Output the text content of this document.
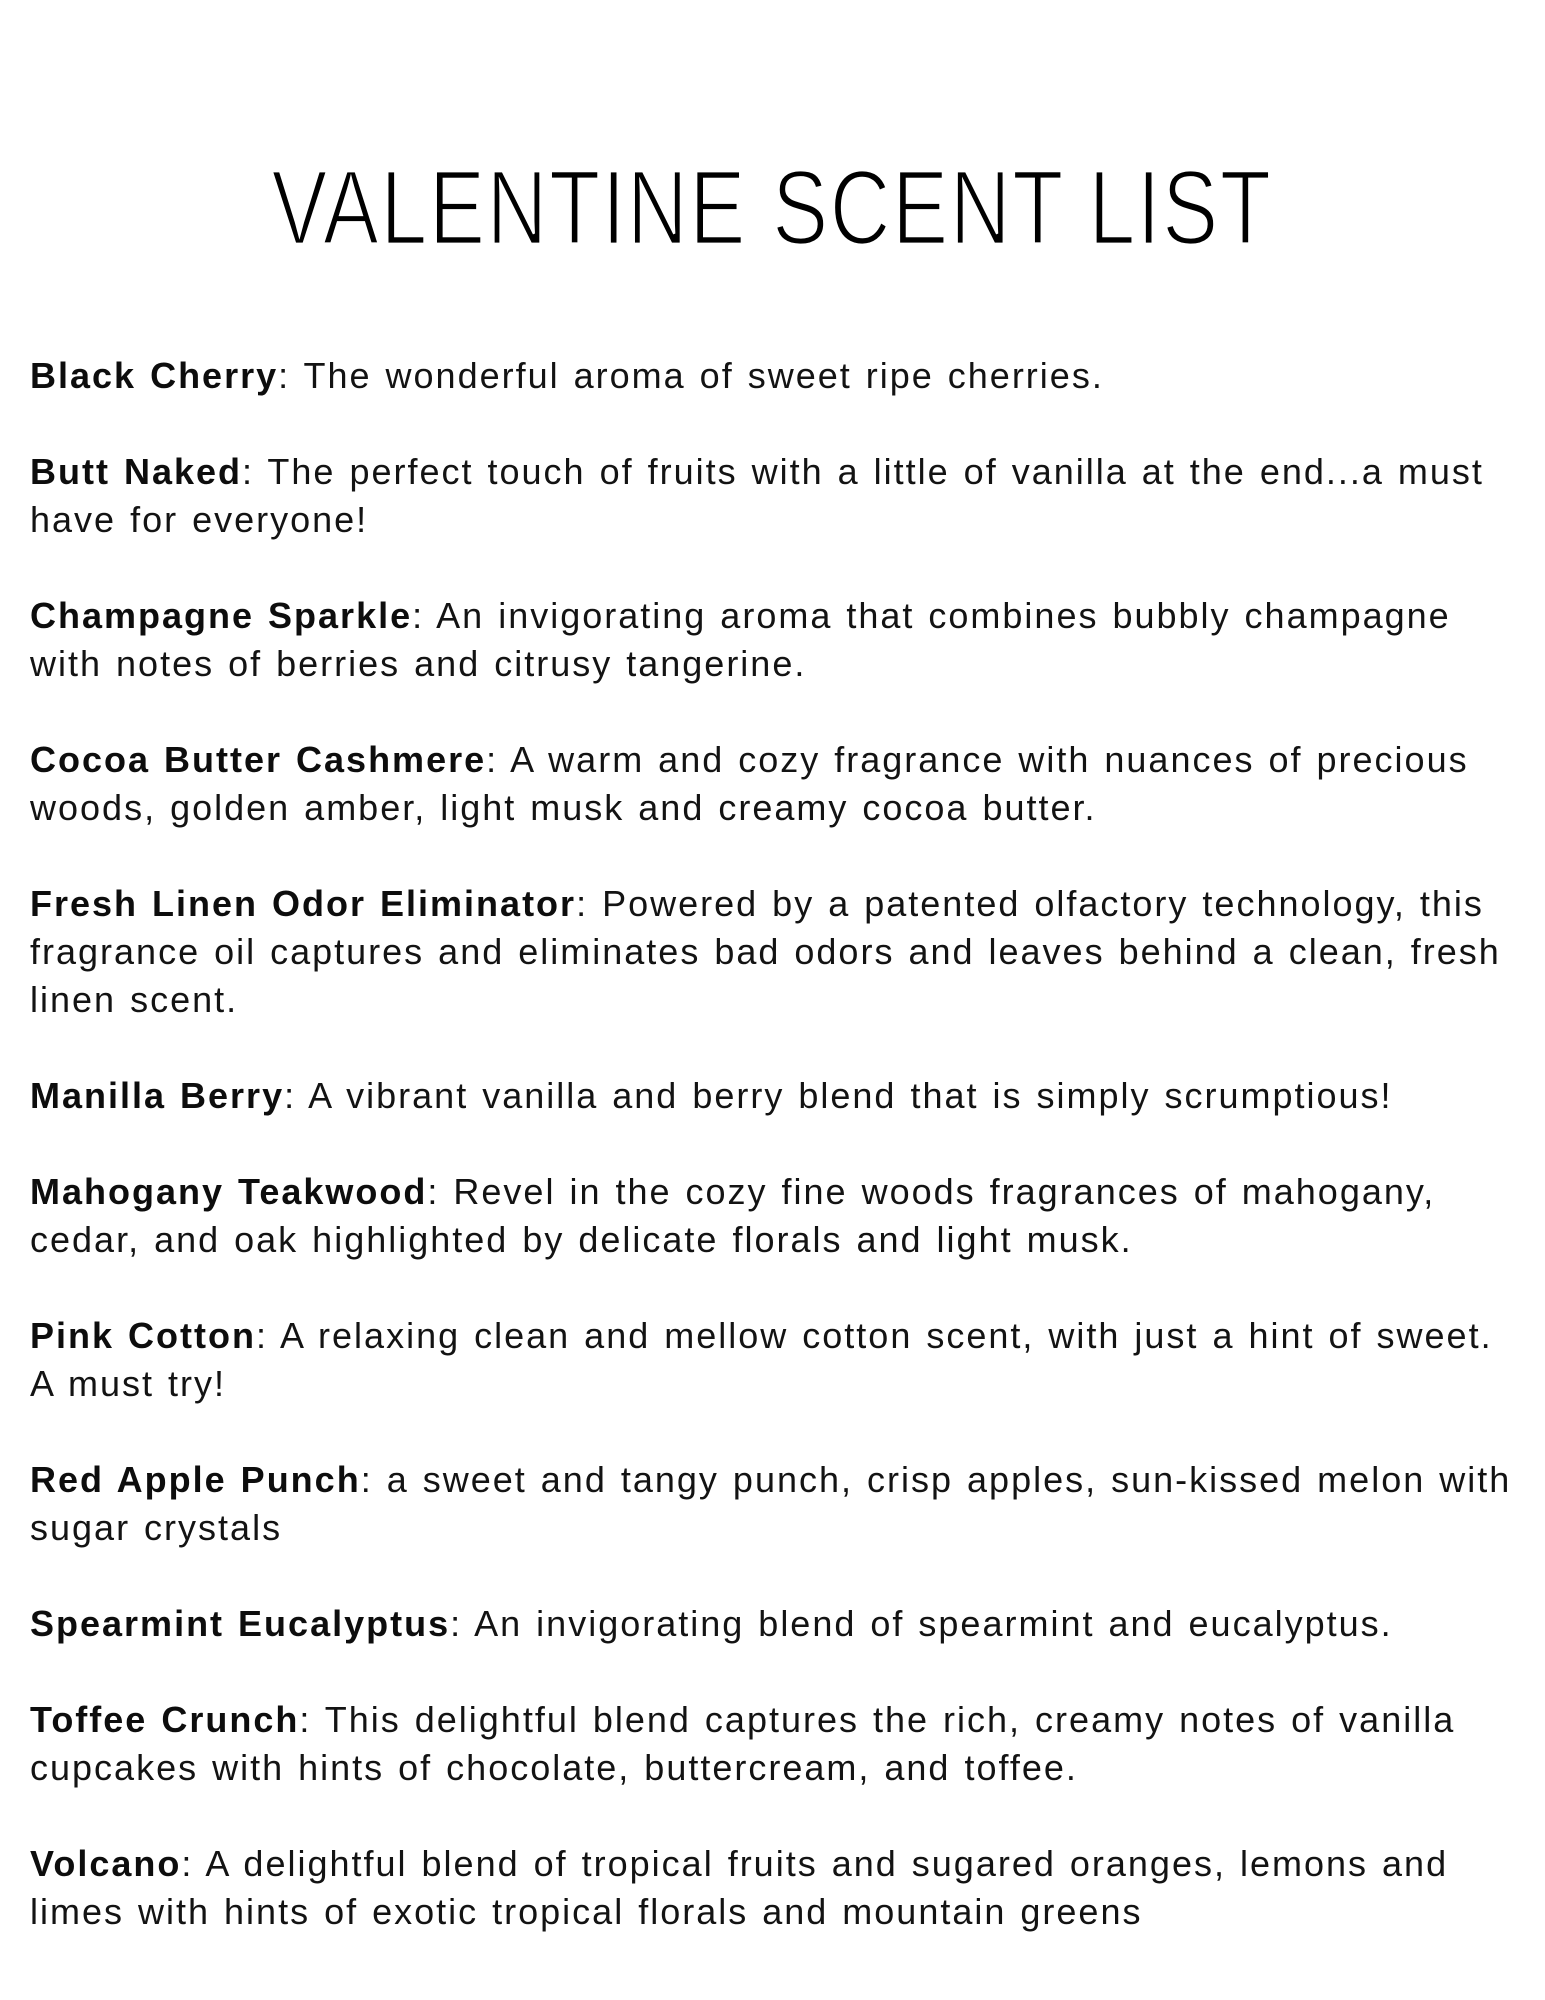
VALENTINE SCENT LIST

Black Cherry: The wonderful aroma of sweet ripe cherries.

Butt Naked: The perfect touch of fruits with a little of vanilla at the end...a must have for everyone!

Champagne Sparkle: An invigorating aroma that combines bubbly champagne with notes of berries and citrusy tangerine.

Cocoa Butter Cashmere: A warm and cozy fragrance with nuances of precious woods, golden amber, light musk and creamy cocoa butter.

Fresh Linen Odor Eliminator: Powered by a patented olfactory technology, this fragrance oil captures and eliminates bad odors and leaves behind a clean, fresh linen scent.

Manilla Berry: A vibrant vanilla and berry blend that is simply scrumptious!

Mahogany Teakwood: Revel in the cozy fine woods fragrances of mahogany, cedar, and oak highlighted by delicate florals and light musk.

Pink Cotton: A relaxing clean and mellow cotton scent, with just a hint of sweet. A must try!

Red Apple Punch: a sweet and tangy punch, crisp apples, sun-kissed melon with sugar crystals

Spearmint Eucalyptus: An invigorating blend of spearmint and eucalyptus.

Toffee Crunch: This delightful blend captures the rich, creamy notes of vanilla cupcakes with hints of chocolate, buttercream, and toffee.

Volcano: A delightful blend of tropical fruits and sugared oranges, lemons and limes with hints of exotic tropical florals and mountain greens
